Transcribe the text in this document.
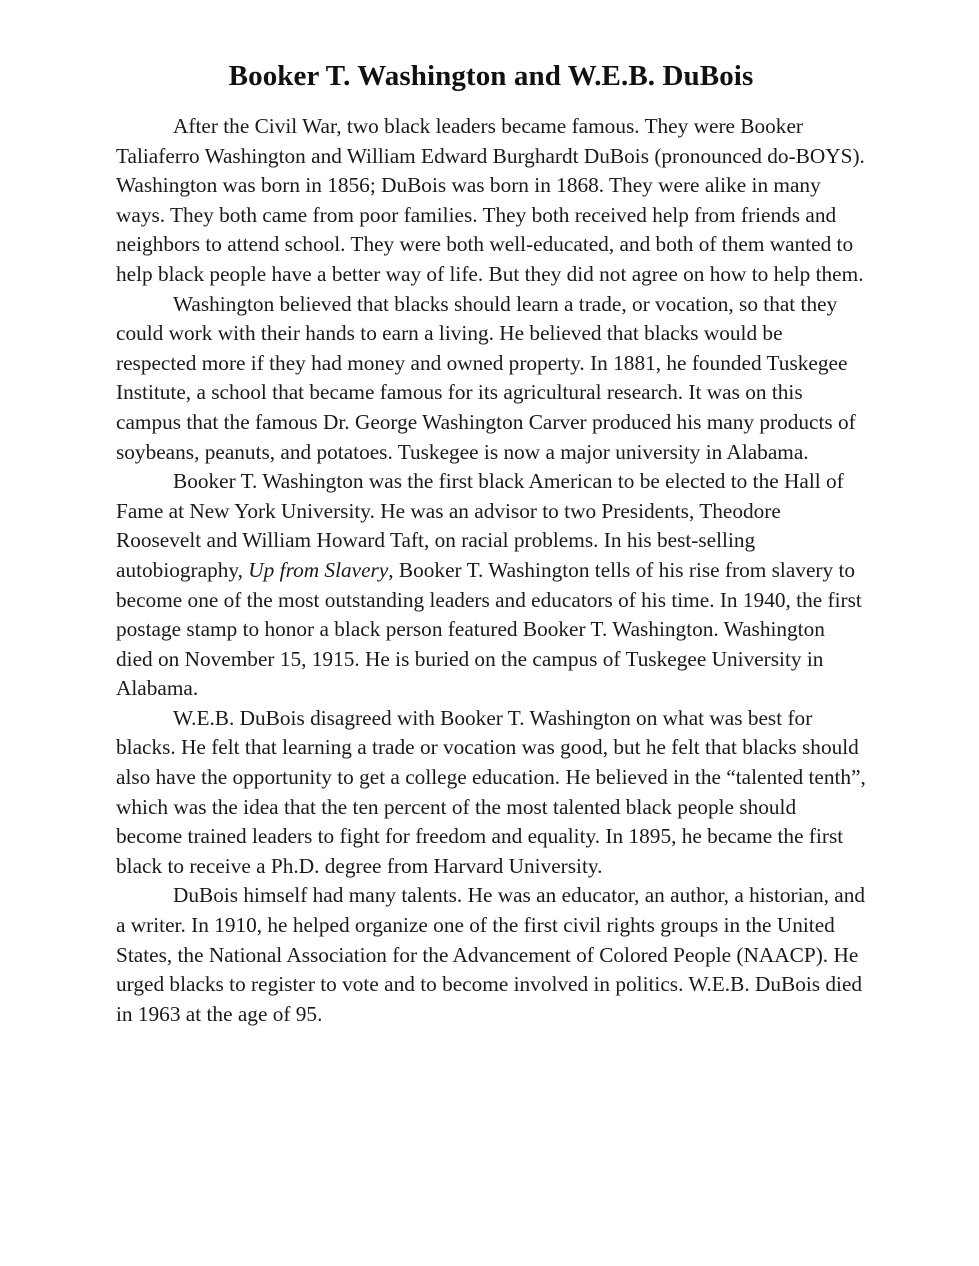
Booker T. Washington and W.E.B. DuBois

After the Civil War, two black leaders became famous. They were Booker Taliaferro Washington and William Edward Burghardt DuBois (pronounced do-BOYS). Washington was born in 1856; DuBois was born in 1868. They were alike in many ways. They both came from poor families. They both received help from friends and neighbors to attend school. They were both well-educated, and both of them wanted to help black people have a better way of life. But they did not agree on how to help them.

Washington believed that blacks should learn a trade, or vocation, so that they could work with their hands to earn a living. He believed that blacks would be respected more if they had money and owned property. In 1881, he founded Tuskegee Institute, a school that became famous for its agricultural research. It was on this campus that the famous Dr. George Washington Carver produced his many products of soybeans, peanuts, and potatoes. Tuskegee is now a major university in Alabama.

Booker T. Washington was the first black American to be elected to the Hall of Fame at New York University. He was an advisor to two Presidents, Theodore Roosevelt and William Howard Taft, on racial problems. In his best-selling autobiography, Up from Slavery, Booker T. Washington tells of his rise from slavery to become one of the most outstanding leaders and educators of his time. In 1940, the first postage stamp to honor a black person featured Booker T. Washington. Washington died on November 15, 1915. He is buried on the campus of Tuskegee University in Alabama.

W.E.B. DuBois disagreed with Booker T. Washington on what was best for blacks. He felt that learning a trade or vocation was good, but he felt that blacks should also have the opportunity to get a college education. He believed in the “talented tenth”, which was the idea that the ten percent of the most talented black people should become trained leaders to fight for freedom and equality. In 1895, he became the first black to receive a Ph.D. degree from Harvard University.

DuBois himself had many talents. He was an educator, an author, a historian, and a writer. In 1910, he helped organize one of the first civil rights groups in the United States, the National Association for the Advancement of Colored People (NAACP). He urged blacks to register to vote and to become involved in politics. W.E.B. DuBois died in 1963 at the age of 95.
